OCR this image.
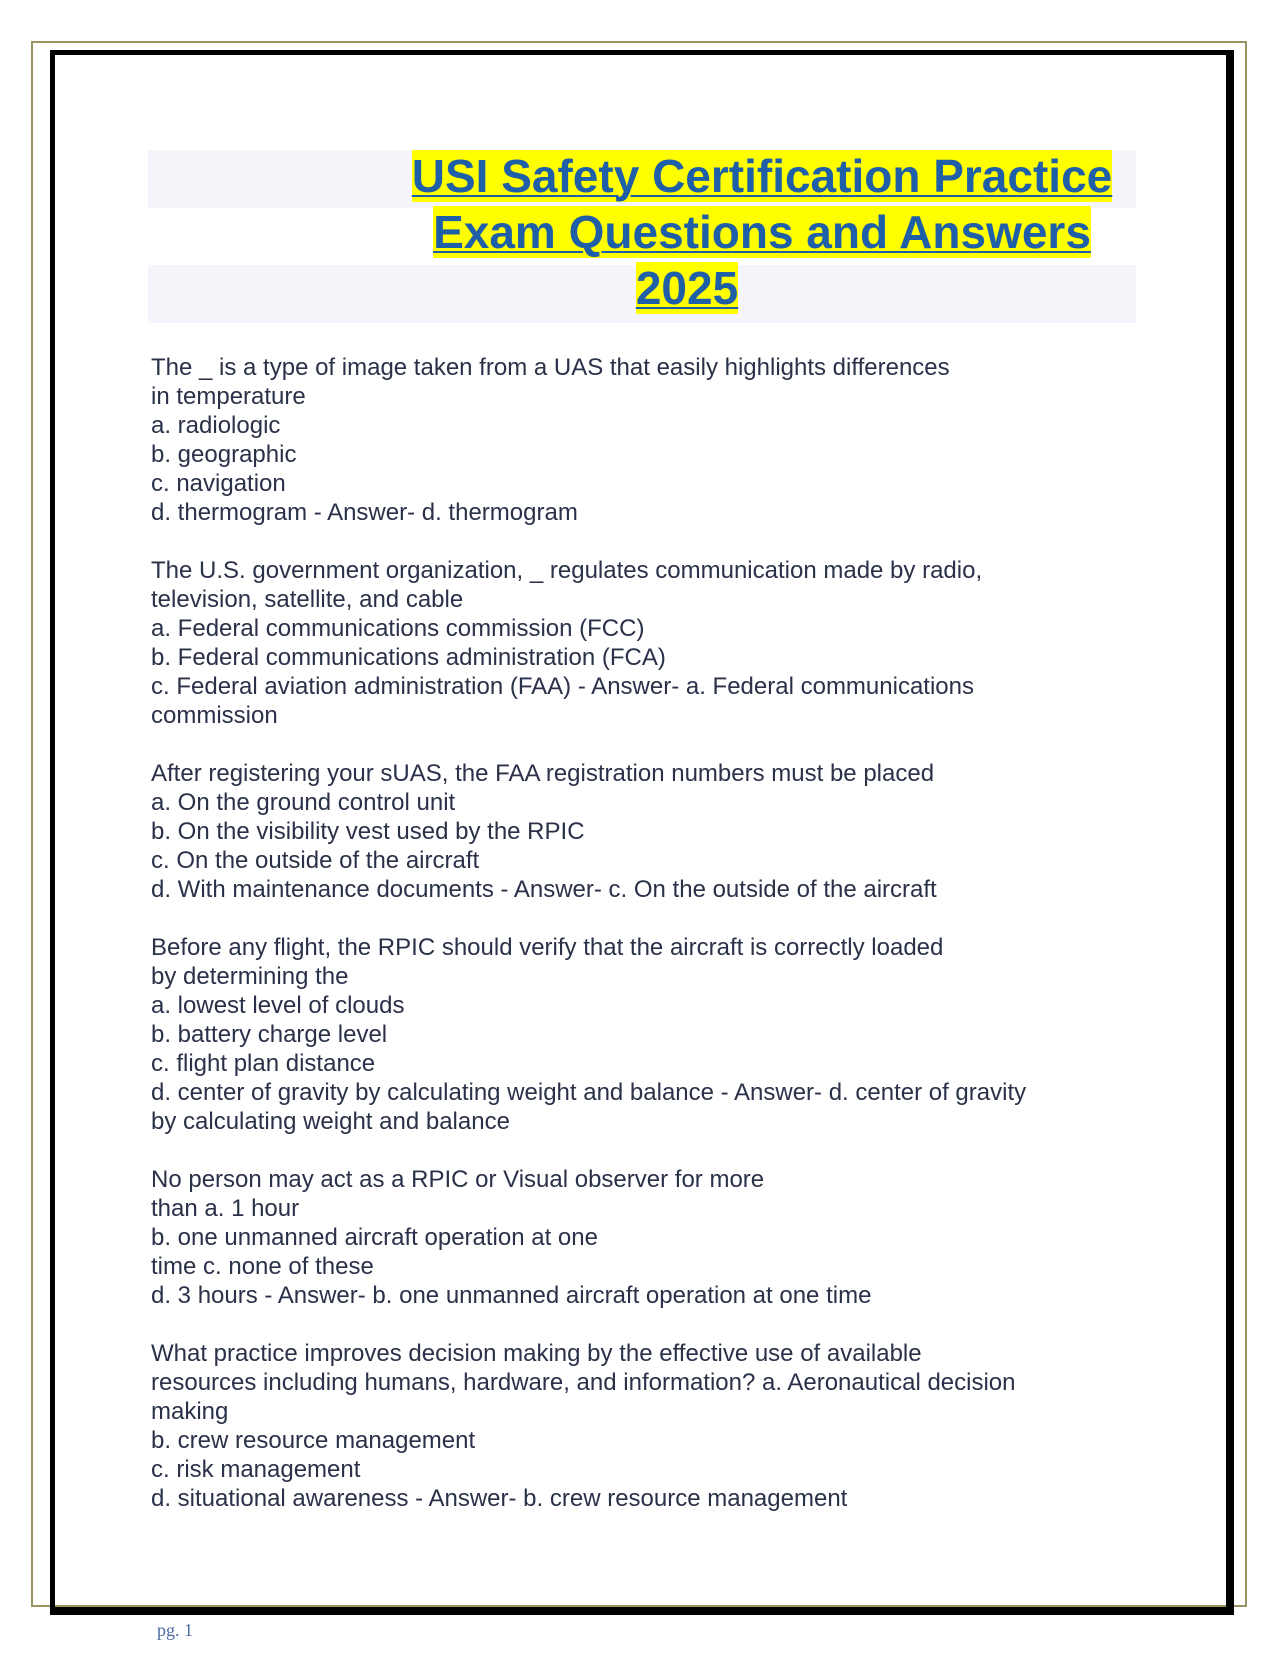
USI Safety Certification Practice
Exam Questions and Answers
2025
The _ is a type of image taken from a UAS that easily highlights differences
in temperature
a. radiologic
b. geographic
c. navigation
d. thermogram - Answer- d. thermogram
The U.S. government organization, _ regulates communication made by radio,
television, satellite, and cable
a. Federal communications commission (FCC)
b. Federal communications administration (FCA)
c. Federal aviation administration (FAA) - Answer- a. Federal communications
commission
After registering your sUAS, the FAA registration numbers must be placed
a. On the ground control unit
b. On the visibility vest used by the RPIC
c. On the outside of the aircraft
d. With maintenance documents - Answer- c. On the outside of the aircraft
Before any flight, the RPIC should verify that the aircraft is correctly loaded
by determining the
a. lowest level of clouds
b. battery charge level
c. flight plan distance
d. center of gravity by calculating weight and balance - Answer- d. center of gravity
by calculating weight and balance
No person may act as a RPIC or Visual observer for more
than a. 1 hour
b. one unmanned aircraft operation at one
time c. none of these
d. 3 hours - Answer- b. one unmanned aircraft operation at one time
What practice improves decision making by the effective use of available
resources including humans, hardware, and information? a. Aeronautical decision
making
b. crew resource management
c. risk management
d. situational awareness - Answer- b. crew resource management
pg. 1
